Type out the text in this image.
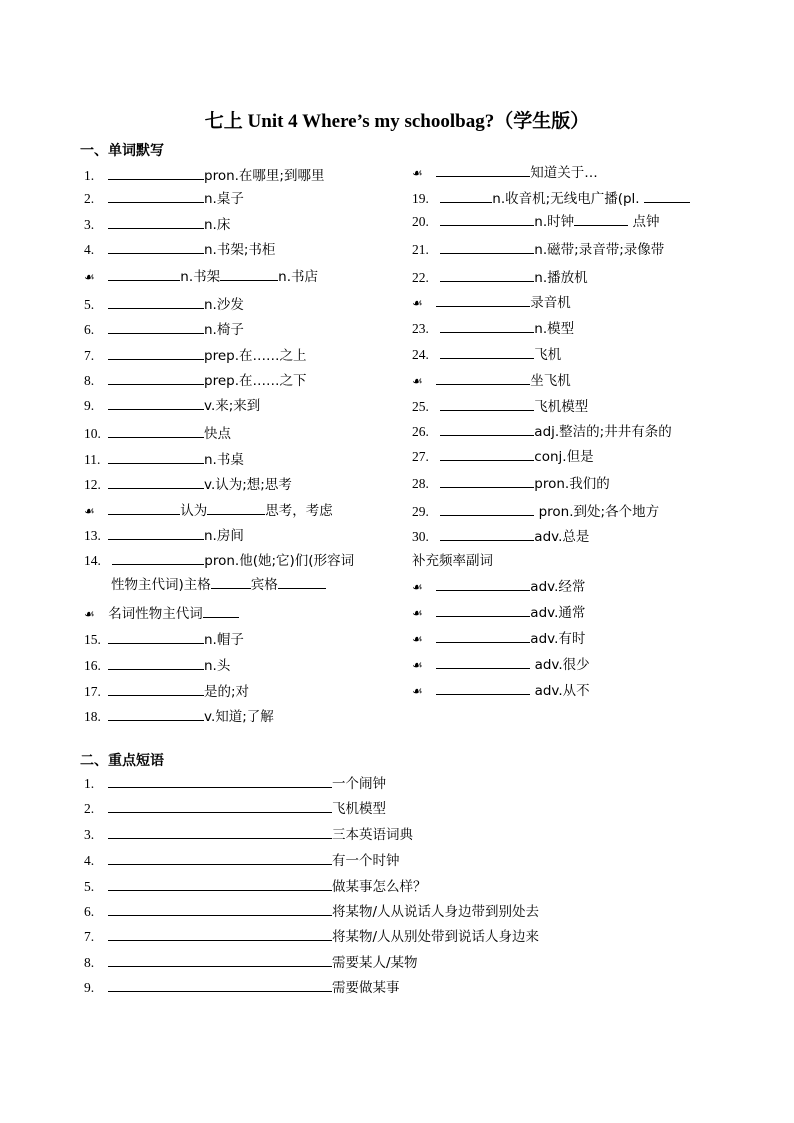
七上 Unit 4 Where’s my schoolbag?（学生版）
一、单词默写
二、重点短语
1.	pron.在哪里;到哪里
2.	n.桌子
3.	n.床
4.	n.书架;书柜
☙	n.书架	n.书店
5.	n.沙发
6.	n.椅子
7.	prep.在……之上
8.	prep.在……之下
9.	v.来;来到
10.	快点
11.	n.书桌
12.	v.认为;想;思考
☙	认为	思考，考虑
13.	n.房间
14.	pron.他(她;它)们(形容词
性物主代词)主格	宾格
☙ 名词性物主代词
15.	n.帽子
16.	n.头
17.	是的;对
18.	v.知道;了解
☙	知道关于…
19.	n.收音机;无线电广播(pl.
20.	n.时钟	点钟
21.	n.磁带;录音带;录像带
22.	n.播放机
☙	录音机
23.	n.模型
24.	飞机
☙	坐飞机
25.	飞机模型
26.	adj.整洁的;井井有条的
27.	conj.但是
28.	pron.我们的
29.	pron.到处;各个地方
30.	adv.总是
补充频率副词
☙	adv.经常
☙	adv.通常
☙	adv.有时
☙	adv.很少
☙	adv.从不
1.	一个闹钟
2.	飞机模型
3.	三本英语词典
4.	有一个时钟
5.	做某事怎么样？
6.	将某物/人从说话人身边带到别处去
7.	将某物/人从别处带到说话人身边来
8.	需要某人/某物
9.	需要做某事
